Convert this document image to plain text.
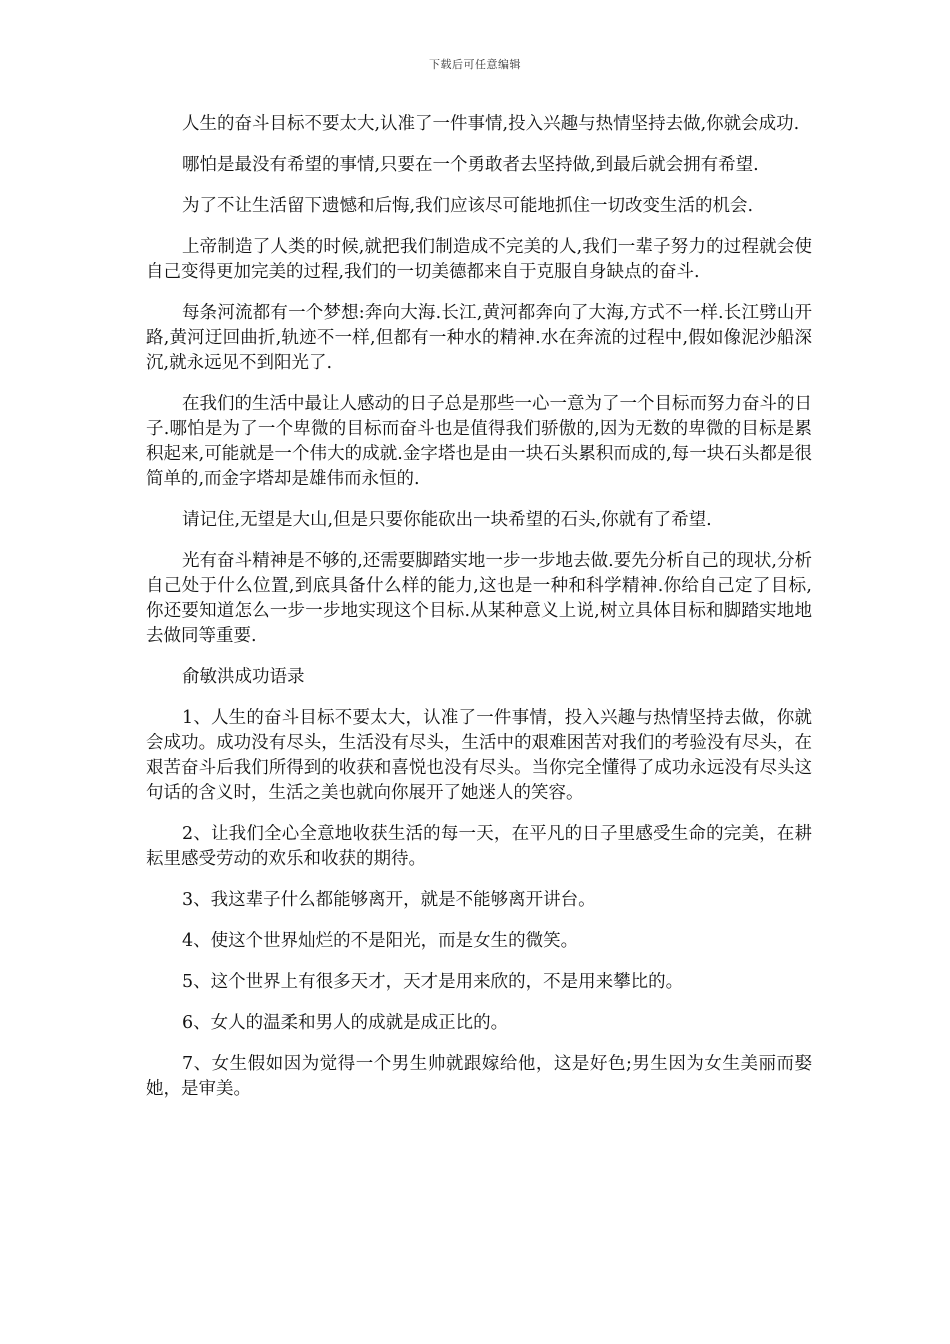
下载后可任意编辑

人生的奋斗目标不要太大,认准了一件事情,投入兴趣与热情坚持去做,你就会成功.

哪怕是最没有希望的事情,只要在一个勇敢者去坚持做,到最后就会拥有希望.

为了不让生活留下遗憾和后悔,我们应该尽可能地抓住一切改变生活的机会.

上帝制造了人类的时候,就把我们制造成不完美的人,我们一辈子努力的过程就会使自己变得更加完美的过程,我们的一切美德都来自于克服自身缺点的奋斗.

每条河流都有一个梦想:奔向大海.长江,黄河都奔向了大海,方式不一样.长江劈山开路,黄河迂回曲折,轨迹不一样,但都有一种水的精神.水在奔流的过程中,假如像泥沙船深沉,就永远见不到阳光了.

在我们的生活中最让人感动的日子总是那些一心一意为了一个目标而努力奋斗的日子.哪怕是为了一个卑微的目标而奋斗也是值得我们骄傲的,因为无数的卑微的目标是累积起来,可能就是一个伟大的成就.金字塔也是由一块石头累积而成的,每一块石头都是很简单的,而金字塔却是雄伟而永恒的.

请记住,无望是大山,但是只要你能砍出一块希望的石头,你就有了希望.

光有奋斗精神是不够的,还需要脚踏实地一步一步地去做.要先分析自己的现状,分析自己处于什么位置,到底具备什么样的能力,这也是一种和科学精神.你给自己定了目标,你还要知道怎么一步一步地实现这个目标.从某种意义上说,树立具体目标和脚踏实地地去做同等重要.

俞敏洪成功语录

1、人生的奋斗目标不要太大，认准了一件事情，投入兴趣与热情坚持去做，你就会成功。成功没有尽头，生活没有尽头，生活中的艰难困苦对我们的考验没有尽头，在艰苦奋斗后我们所得到的收获和喜悦也没有尽头。当你完全懂得了成功永远没有尽头这句话的含义时，生活之美也就向你展开了她迷人的笑容。

2、让我们全心全意地收获生活的每一天，在平凡的日子里感受生命的完美，在耕耘里感受劳动的欢乐和收获的期待。

3、我这辈子什么都能够离开，就是不能够离开讲台。

4、使这个世界灿烂的不是阳光，而是女生的微笑。

5、这个世界上有很多天才，天才是用来欣的，不是用来攀比的。

6、女人的温柔和男人的成就是成正比的。

7、女生假如因为觉得一个男生帅就跟嫁给他，这是好色;男生因为女生美丽而娶她，是审美。
